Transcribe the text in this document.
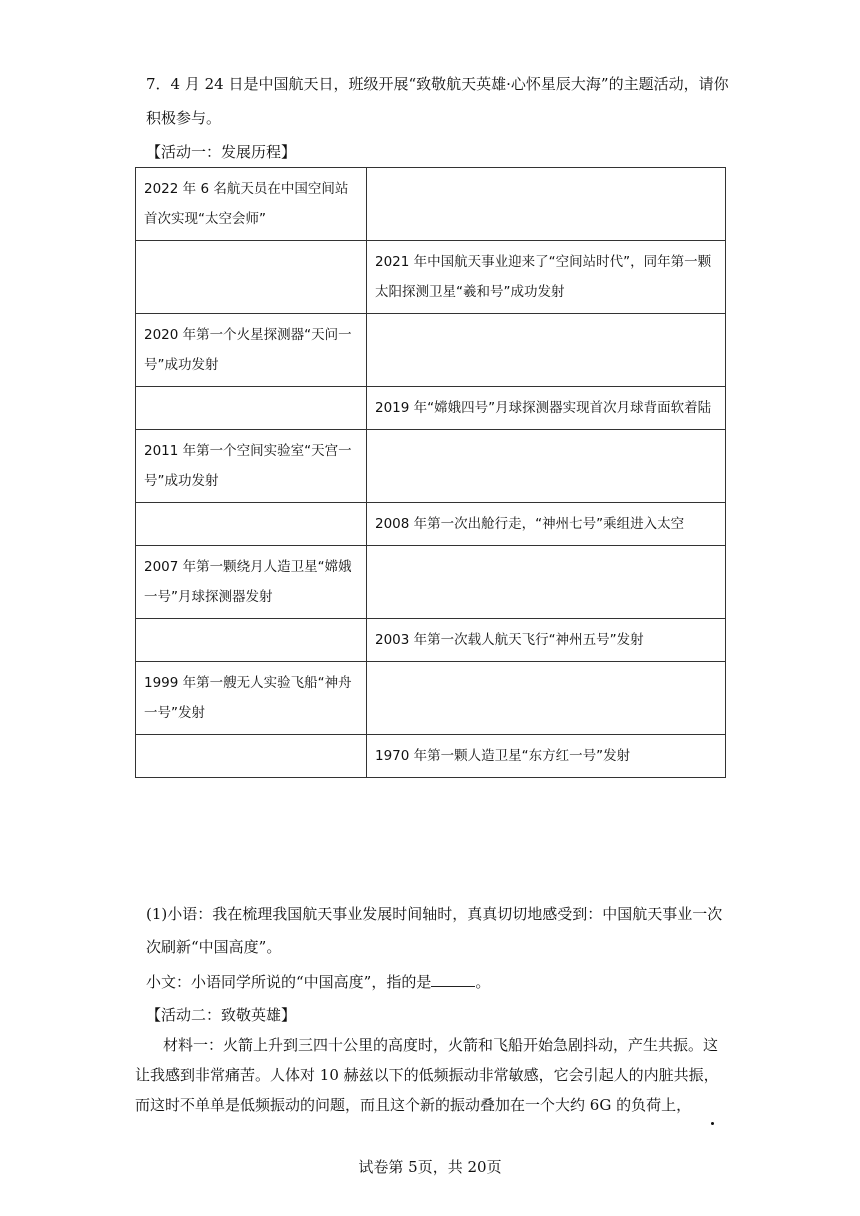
7．4 月 24 日是中国航天日，班级开展“致敬航天英雄·心怀星辰大海”的主题活动，请你
积极参与。
【活动一：发展历程】
2022 年 6 名航天员在中国空间站首次实现“太空会师”	
	2021 年中国航天事业迎来了“空间站时代”，同年第一颗太阳探测卫星“羲和号”成功发射
2020 年第一个火星探测器“天问一号”成功发射	
	2019 年“嫦娥四号”月球探测器实现首次月球背面软着陆
2011 年第一个空间实验室“天宫一号”成功发射	
	2008 年第一次出舱行走，“神州七号”乘组进入太空
2007 年第一颗绕月人造卫星“嫦娥一号”月球探测器发射	
	2003 年第一次载人航天飞行“神州五号”发射
1999 年第一艘无人实验飞船“神舟一号”发射	
	1970 年第一颗人造卫星“东方红一号”发射
(1)小语：我在梳理我国航天事业发展时间轴时，真真切切地感受到：中国航天事业一次
次刷新“中国高度”。
小文：小语同学所说的“中国高度”，指的是	。
【活动二：致敬英雄】
材料一：火箭上升到三四十公里的高度时，火箭和飞船开始急剧抖动，产生共振。这让我感到非常痛苦。人体对 10 赫兹以下的低频振动非常敏感，它会引起人的内脏共振，而这时不单单是低频振动的问题，而且这个新的振动叠加在一个大约 6G 的负荷上，
试卷第 5页，共 20页
